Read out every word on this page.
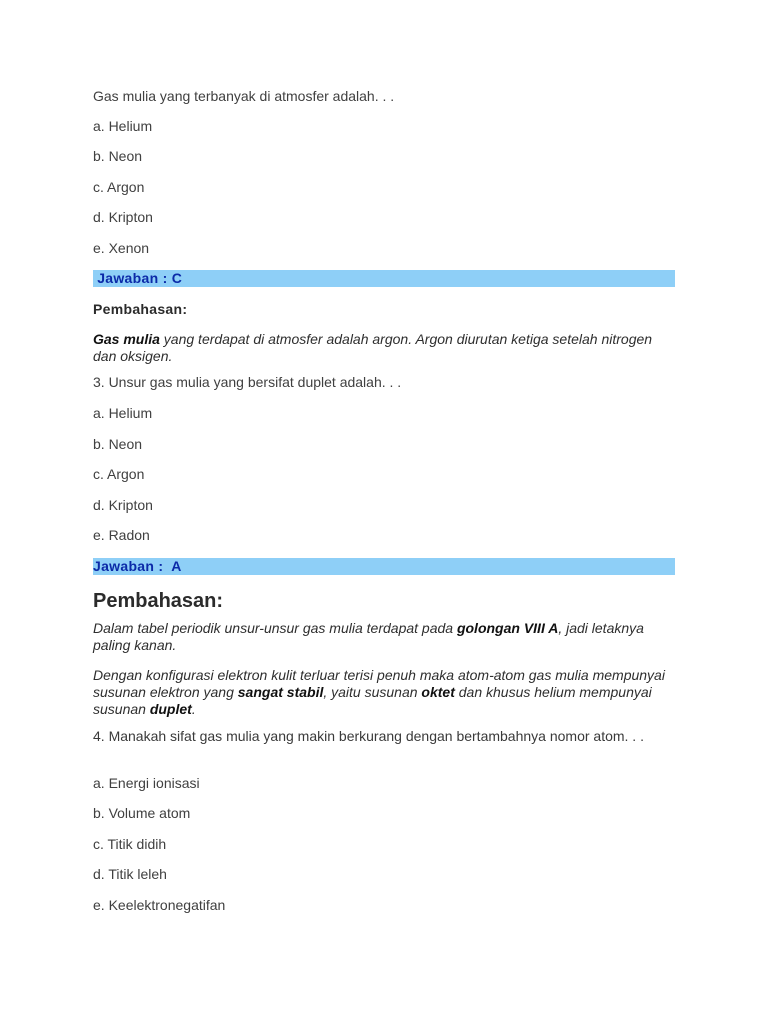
Gas mulia yang terbanyak di atmosfer adalah. . .
a. Helium
b. Neon
c. Argon
d. Kripton
e. Xenon
Jawaban : C
Pembahasan:
Gas mulia yang terdapat di atmosfer adalah argon. Argon diurutan ketiga setelah nitrogen dan oksigen.
3. Unsur gas mulia yang bersifat duplet adalah. . .
a. Helium
b. Neon
c. Argon
d. Kripton
e. Radon
Jawaban :  A
Pembahasan:
Dalam tabel periodik unsur-unsur gas mulia terdapat pada golongan VIII A, jadi letaknya paling kanan.
Dengan konfigurasi elektron kulit terluar terisi penuh maka atom-atom gas mulia mempunyai susunan elektron yang sangat stabil, yaitu susunan oktet dan khusus helium mempunyai susunan duplet.
4. Manakah sifat gas mulia yang makin berkurang dengan bertambahnya nomor atom. . .
a. Energi ionisasi
b. Volume atom
c. Titik didih
d. Titik leleh
e. Keelektronegatifan
